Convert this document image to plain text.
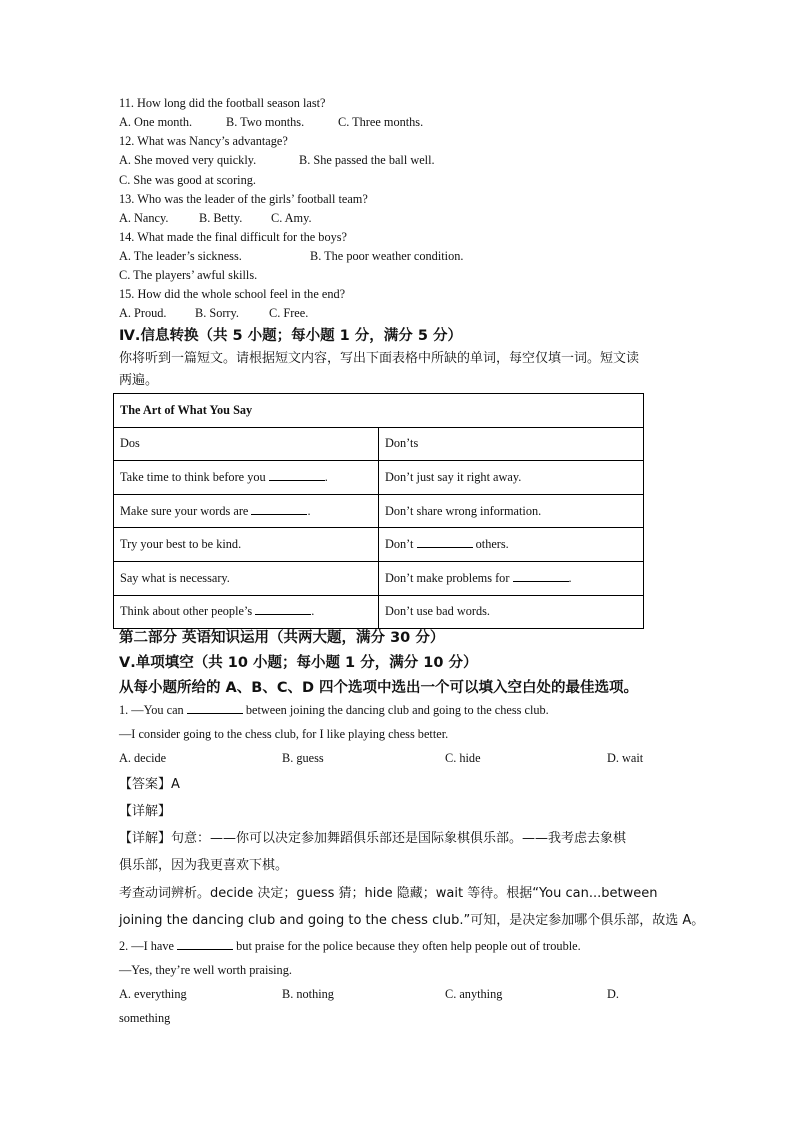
11. How long did the football season last?
A. One month.	B. Two months.	C. Three months.
12. What was Nancy’s advantage?
A. She moved very quickly.	B. She passed the ball well.
C. She was good at scoring.
13. Who was the leader of the girls’ football team?
A. Nancy. B. Betty. C. Amy.
14. What made the final difficult for the boys?
A. The leader’s sickness.	B. The poor weather condition.
C. The players’ awful skills.
15. How did the whole school feel in the end?
A. Proud. B. Sorry. C. Free.
Ⅳ.信息转换（共 5 小题；每小题 1 分，满分 5 分）
你将听到一篇短文。请根据短文内容，写出下面表格中所缺的单词，每空仅填一词。短文读
两遍。
The Art of What You Say	
Dos	Don’ts
Take time to think before you .	Don’t just say it right away.
Make sure your words are .	Don’t share wrong information.
Try your best to be kind.	Don’t others.
Say what is necessary.	Don’t make problems for .
Think about other people’s .	Don’t use bad words.
第二部分 英语知识运用（共两大题，满分 30 分）
Ⅴ.单项填空（共 10 小题；每小题 1 分，满分 10 分）
从每小题所给的 A、B、C、D 四个选项中选出一个可以填入空白处的最佳选项。
1. —You can	between joining the dancing club and going to the chess club.
—I consider going to the chess club, for I like playing chess better.
A. decide	B. guess	C. hide	D. wait
【答案】A
【详解】
【详解】句意：——你可以决定参加舞蹈俱乐部还是国际象棋俱乐部。——我考虑去象棋
俱乐部，因为我更喜欢下棋。
考查动词辨析。decide 决定；guess 猜；hide 隐藏；wait 等待。根据“You can...between
joining the dancing club and going to the chess club.”可知，是决定参加哪个俱乐部，故选 A。
2. —I have	but praise for the police because they often help people out of trouble.
—Yes, they’re well worth praising.
A. everything	B. nothing	C. anything	D.
something
